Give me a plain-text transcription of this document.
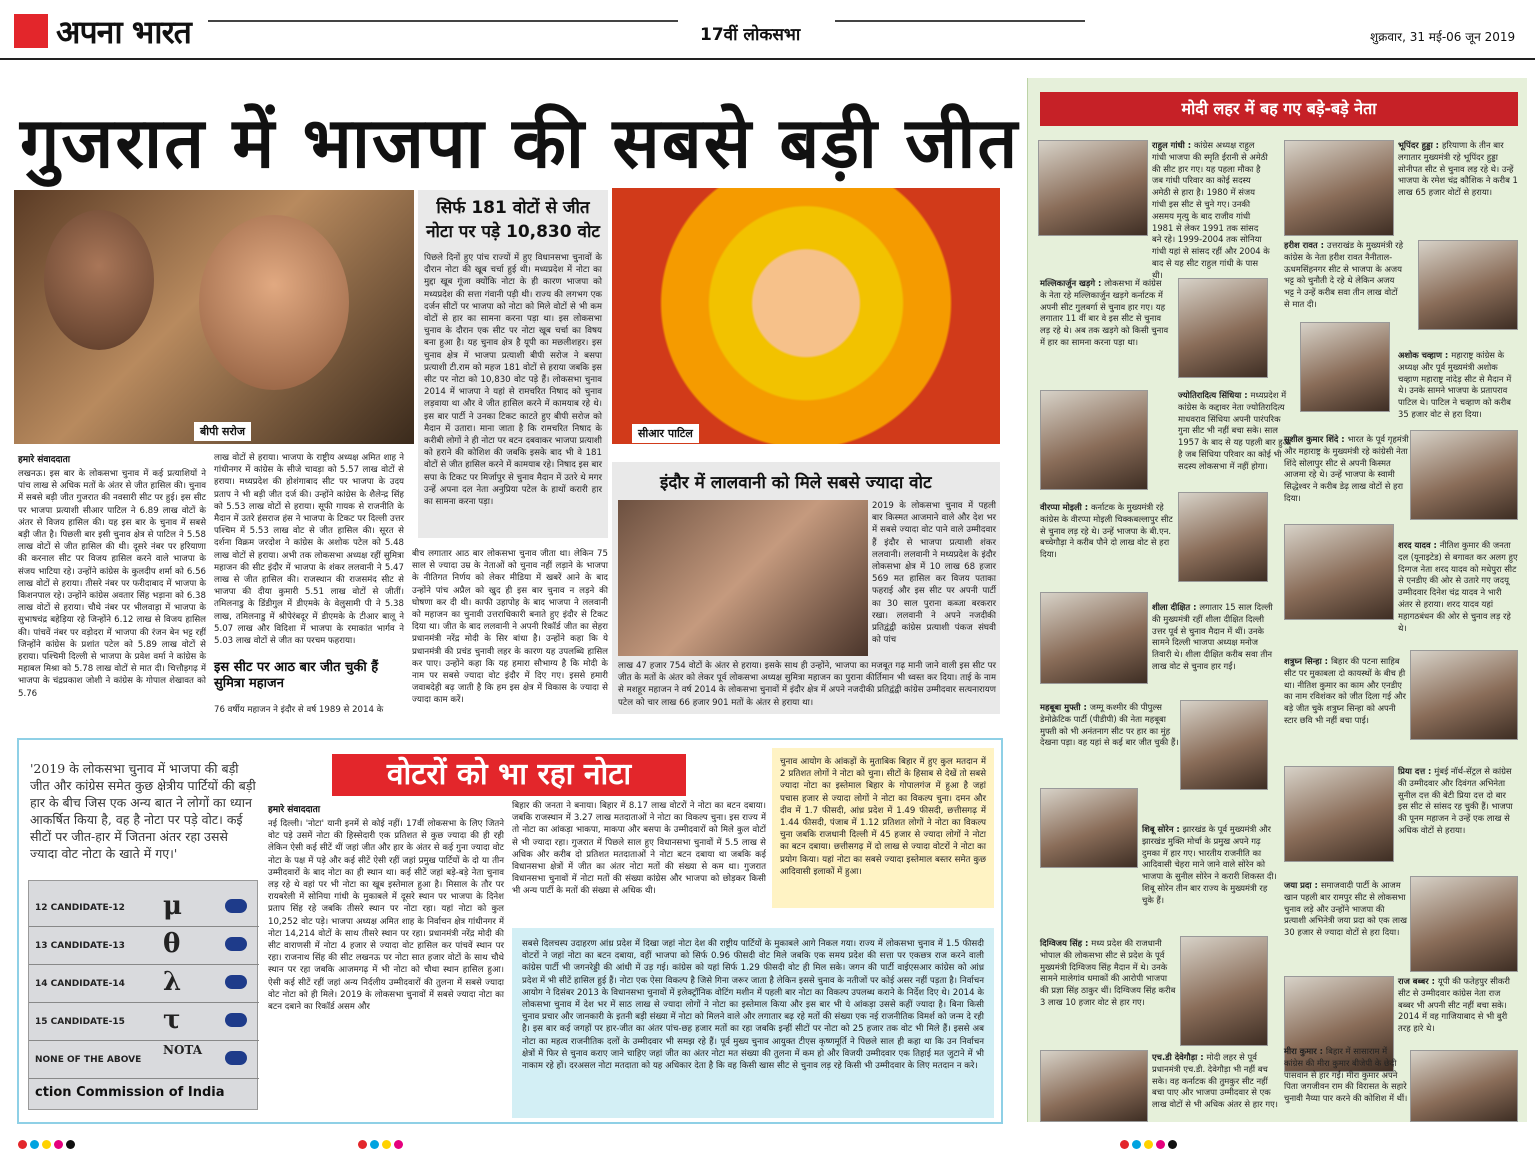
अपना भारत	17वीं लोकसभा	शुक्रवार, 31 मई-06 जून 2019
गुजरात में भाजपा की सबसे बड़ी जीत
बीपी सरोज
सिर्फ 181 वोटों से जीत
नोटा पर पड़े 10,830 वोट
पिछले दिनों हुए पांच राज्यों में हुए विधानसभा चुनावों के दौरान नोटा की खूब चर्चा हुई थी। मध्यप्रदेश में नोटा का मुद्दा खूब गूंजा क्योंकि नोटा के ही कारण भाजपा को मध्यप्रदेश की सत्ता गंवानी पड़ी थी। राज्य की लगभग एक दर्जन सीटों पर भाजपा को नोटा को मिले वोटों से भी कम वोटों से हार का सामना करना पड़ा था। इस लोकसभा चुनाव के दौरान एक सीट पर नोटा खूब चर्चा का विषय बना हुआ है। यह चुनाव क्षेत्र है यूपी का मछलीशहर। इस चुनाव क्षेत्र में भाजपा प्रत्याशी बीपी सरोज ने बसपा प्रत्याशी टी.राम को महज 181 वोटों से हराया जबकि इस सीट पर नोटा को 10,830 वोट पड़े हैं। लोकसभा चुनाव 2014 में भाजपा ने यहां से रामचरित निषाद को चुनाव लड़वाया था और वे जीत हासिल करने में कामयाब रहे थे। इस बार पार्टी ने उनका टिकट काटते हुए बीपी सरोज को मैदान में उतारा। माना जाता है कि रामचरित निषाद के करीबी लोगों ने ही नोटा पर बटन दबवाकर भाजपा प्रत्याशी को हराने की कोशिश की जबकि इसके बाद भी वे 181 वोटों से जीत हासिल करने में कामयाब रहे। निषाद इस बार सपा के टिकट पर मिर्जापुर से चुनाव मैदान में उतरे थे मगर उन्हें अपना दल नेता अनुप्रिया पटेल के हाथों करारी हार का सामना करना पड़ा।
सीआर पाटिल
हमारे संवाददाता
लखनऊ। इस बार के लोकसभा चुनाव में कई प्रत्याशियों ने पांच लाख से अधिक मतों के अंतर से जीत हासिल की। चुनाव में सबसे बड़ी जीत गुजरात की नवसारी सीट पर हुई। इस सीट पर भाजपा प्रत्याशी सीआर पाटिल ने 6.89 लाख वोटों के अंतर से विजय हासिल की। यह इस बार के चुनाव में सबसे बड़ी जीत है। पिछली बार इसी चुनाव क्षेत्र से पाटिल ने 5.58 लाख वोटों से जीत हासिल की थी। दूसरे नंबर पर हरियाणा की करनाल सीट पर विजय हासिल करने वाले भाजपा के संजय भाटिया रहे। उन्होंने कांग्रेस के कुलदीप शर्मा को 6.56 लाख वोटों से हराया। तीसरे नंबर पर फरीदाबाद में भाजपा के किशनपाल रहे। उन्होंने कांग्रेस अवतार सिंह भड़ाना को 6.38 लाख वोटों से हराया। चौथे नंबर पर भीलवाड़ा में भाजपा के सुभाषचंद्र बहेड़िया रहे जिन्होंने 6.12 लाख से विजय हासिल की। पांचवें नंबर पर वड़ोदरा में भाजपा की रंजन बेन भट्ट रहीं जिन्होंने कांग्रेस के प्रशांत पटेल को 5.89 लाख वोटों से हराया। पश्चिमी दिल्ली से भाजपा के प्रवेश वर्मा ने कांग्रेस के महाबल मिश्रा को 5.78 लाख वोटों से मात दी। चित्तौड़गढ़ में भाजपा के चंद्रप्रकाश जोशी ने कांग्रेस के गोपाल शेखावत को 5.76
लाख वोटों से हराया। भाजपा के राष्ट्रीय अध्यक्ष अमित शाह ने गांधीनगर में कांग्रेस के सीजे चावड़ा को 5.57 लाख वोटों से हराया। मध्यप्रदेश की होशंगाबाद सीट पर भाजपा के उदय प्रताप ने भी बड़ी जीत दर्ज की। उन्होंने कांग्रेस के शैलेन्द्र सिंह को 5.53 लाख वोटों से हराया। सूफी गायक से राजनीति के मैदान में उतरे हंसराज हंस ने भाजपा के टिकट पर दिल्ली उत्तर पश्चिम में 5.53 लाख वोट से जीत हासिल की। सूरत से दर्शना विक्रम जरदोश ने कांग्रेस के अशोक पटेल को 5.48 लाख वोटों से हराया। अभी तक लोकसभा अध्यक्ष रहीं सुमित्रा महाजन की सीट इंदौर में भाजपा के शंकर ललवानी ने 5.47 लाख से जीत हासिल की। राजस्थान की राजसमंद सीट से भाजपा की दीया कुमारी 5.51 लाख वोटों से जीतीं। तमिलनाडु के डिंडीगुल में डीएमके के वेलुसामी पी ने 5.38 लाख, तमिलनाडु में श्रीपेरंबदूर में डीएमके के टीआर बालू ने 5.07 लाख और विदिशा में भाजपा के रमाकांत भार्गव ने 5.03 लाख वोटों से जीत का परचम फहराया।
इस सीट पर आठ बार जीत चुकी हैं सुमित्रा महाजन
76 वर्षीय महाजन ने इंदौर से वर्ष 1989 से 2014 के
बीच लगातार आठ बार लोकसभा चुनाव जीता था। लेकिन 75 साल से ज्यादा उम्र के नेताओं को चुनाव नहीं लड़ाने के भाजपा के नीतिगत निर्णय को लेकर मीडिया में खबरें आने के बाद उन्होंने पांच अप्रैल को खुद ही इस बार चुनाव न लड़ने की घोषणा कर दी थी। काफी उहापोह के बाद भाजपा ने ललवानी को महाजन का चुनावी उत्तराधिकारी बनाते हुए इंदौर से टिकट दिया था। जीत के बाद ललवानी ने अपनी रिकॉर्ड जीत का सेहरा प्रधानमंत्री नरेंद्र मोदी के सिर बांधा है। उन्होंने कहा कि ये प्रधानमंत्री की प्रचंड चुनावी लहर के कारण यह उपलब्धि हासिल कर पाए। उन्होंने कहा कि यह हमारा सौभाग्य है कि मोदी के नाम पर सबसे ज्यादा वोट इंदौर में दिए गए। इससे हमारी जवाबदेही बढ़ जाती है कि हम इस क्षेत्र में विकास के ज्यादा से ज्यादा काम करें।
इंदौर में लालवानी को मिले सबसे ज्यादा वोट
2019 के लोकसभा चुनाव में पहली बार किस्मत आजमाने वाले और देश भर में सबसे ज्यादा वोट पाने वाले उम्मीदवार हैं इंदौर से भाजपा प्रत्याशी शंकर ललवानी। ललवानी ने मध्यप्रदेश के इंदौर लोकसभा क्षेत्र में 10 लाख 68 हजार 569 मत हासिल कर विजय पताका फहराई और इस सीट पर अपनी पार्टी का 30 साल पुराना कब्जा बरकरार रखा। ललवानी ने अपने नजदीकी प्रतिद्वंद्वी कांग्रेस प्रत्याशी पंकज संघवी को पांच
लाख 47 हजार 754 वोटों के अंतर से हराया। इसके साथ ही उन्होंने, भाजपा का मजबूत गढ़ मानी जाने वाली इस सीट पर जीत के मतों के अंतर को लेकर पूर्व लोकसभा अध्यक्ष सुमित्रा महाजन का पुराना कीर्तिमान भी ध्वस्त कर दिया। ताई के नाम से मशहूर महाजन ने वर्ष 2014 के लोकसभा चुनावों में इंदौर क्षेत्र में अपने नजदीकी प्रतिद्वंद्वी कांग्रेस उम्मीदवार सत्यनारायण पटेल को चार लाख 66 हजार 901 मतों के अंतर से हराया था।
मोदी लहर में बह गए बड़े-बड़े नेता
राहुल गांधी : कांग्रेस अध्यक्ष राहुल गांधी भाजपा की स्मृति ईरानी से अमेठी की सीट हार गए। यह पहला मौका है जब गांधी परिवार का कोई सदस्य अमेठी से हारा है। 1980 में संजय गांधी इस सीट से चुने गए। उनकी असमय मृत्यु के बाद राजीव गांधी 1981 से लेकर 1991 तक सांसद बने रहे। 1999-2004 तक सोनिया गांधी यहां से सांसद रहीं और 2004 के बाद से यह सीट राहुल गांधी के पास थी।
भूपिंदर हुड्डा : हरियाणा के तीन बार लगातार मुख्यमंत्री रहे भूपिंदर हुड्डा सोनीपत सीट से चुनाव लड़ रहे थे। उन्हें भाजपा के रमेश चंद्र कौशिक ने करीब 1 लाख 65 हजार वोटों से हराया।
हरीश रावत : उत्तराखंड के मुख्यमंत्री रहे कांग्रेस के नेता हरीश रावत नैनीताल-ऊधमसिंहनगर सीट से भाजपा के अजय भट्ट को चुनौती दे रहे थे लेकिन अजय भट्ट ने उन्हें करीब सवा तीन लाख वोटों से मात दी।
मल्लिकार्जुन खड़गे : लोकसभा में कांग्रेस के नेता रहे मल्लिकार्जुन खड़गे कर्नाटक में अपनी सीट गुलबर्गा से चुनाव हार गए। यह लगातार 11 वीं बार वे इस सीट से चुनाव लड़ रहे थे। अब तक खड़गे को किसी चुनाव में हार का सामना करना पड़ा था।
अशोक चव्हाण : महाराष्ट्र कांग्रेस के अध्यक्ष और पूर्व मुख्यमंत्री अशोक चव्हाण महाराष्ट्र नांदेड़ सीट से मैदान में थे। उनके सामने भाजपा के प्रतापराव पाटिल थे। पाटिल ने चव्हाण को करीब 35 हजार वोट से हरा दिया।
ज्योतिरादित्य सिंधिया : मध्यप्रदेश में कांग्रेस के कद्दावर नेता ज्योतिरादित्य माधवराव सिंधिया अपनी पारंपरिक गुना सीट भी नहीं बचा सके। साल 1957 के बाद से यह पहली बार हुआ है जब सिंधिया परिवार का कोई भी सदस्य लोकसभा में नहीं होगा।
सुशील कुमार शिंदे : भारत के पूर्व गृहमंत्री और महाराष्ट्र के मुख्यमंत्री रहे कांग्रेसी नेता शिंदे सोलापुर सीट से अपनी किस्मत आजमा रहे थे। उन्हें भाजपा के स्वामी सिद्धेश्वर ने करीब डेढ़ लाख वोटों से हरा दिया।
वीरप्पा मोइली : कर्नाटक के मुख्यमंत्री रहे कांग्रेस के वीरप्पा मोइली चिक्कबल्लापुर सीट से चुनाव लड़ रहे थे। उन्हें भाजपा के बी.एन. बच्चेगौड़ा ने करीब पौने दो लाख वोट से हरा दिया।
शरद यादव : नीतिश कुमार की जनता दल (यूनाइटेड) से बगावत कर अलग हुए दिग्गज नेता शरद यादव को मधेपुरा सीट से एनडीए की ओर से उतारे गए जदयू उम्मीदवार दिनेश चंद्र यादव ने भारी अंतर से हराया। शरद यादव यहां महागठबंधन की ओर से चुनाव लड़ रहे थे।
शीला दीक्षित : लगातार 15 साल दिल्ली की मुख्यमंत्री रहीं शीला दीक्षित दिल्ली उत्तर पूर्व से चुनाव मैदान में थीं। उनके सामने दिल्ली भाजपा अध्यक्ष मनोज तिवारी थे। शीला दीक्षित करीब सवा तीन लाख वोट से चुनाव हार गईं।	शत्रुघ्न सिन्हा : बिहार की पटना साहिब सीट पर मुकाबला दो कायस्थों के बीच ही था। नीतिश कुमार का काम और एनडीए का नाम रविशंकर को जीत दिला गई और बड़े जीत चुके शत्रुघ्न सिन्हा को अपनी स्टार छवि भी नहीं बचा पाई।
महबूबा मुफ्ती : जम्मू कश्मीर की पीपुल्स डेमोक्रेटिक पार्टी (पीडीपी) की नेता महबूबा मुफ्ती को भी अनंतनाग सीट पर हार का मुंह देखना पड़ा। वह यहां से कई बार जीत चुकी हैं।
प्रिया दत्त : मुंबई नॉर्थ-सेंट्रल से कांग्रेस की उम्मीदवार और दिवंगत अभिनेता सुनील दत्त की बेटी प्रिया दत्त दो बार इस सीट से सांसद रह चुकी हैं। भाजपा की पूनम महाजन ने उन्हें एक लाख से अधिक वोटों से हराया।
शिबू सोरेन : झारखंड के पूर्व मुख्यमंत्री और झारखंड मुक्ति मोर्चा के प्रमुख अपने गढ़ दुमका में हार गए। भारतीय राजनीति का आदिवासी चेहरा माने जाने वाले सोरेन को भाजपा के सुनील सोरेन ने करारी शिकस्त दी। शिबू सोरेन तीन बार राज्य के मुख्यमंत्री रह चुके हैं।
जया प्रदा : समाजवादी पार्टी के आजम खान पहली बार रामपुर सीट से लोकसभा चुनाव लड़े और उन्होंने भाजपा की प्रत्याशी अभिनेत्री जया प्रदा को एक लाख 30 हजार से ज्यादा वोटों से हरा दिया।
दिग्विजय सिंह : मध्य प्रदेश की राजधानी भोपाल की लोकसभा सीट से प्रदेश के पूर्व मुख्यमंत्री दिग्विजय सिंह मैदान में थे। उनके सामने मालेगांव धमाकों की आरोपी भाजपा की प्रज्ञा सिंह ठाकुर थीं। दिग्विजय सिंह करीब 3 लाख 10 हजार वोट से हार गए।
राज बब्बर : यूपी की फतेहपुर सीकरी सीट से उम्मीदवार कांग्रेस नेता राज बब्बर भी अपनी सीट नहीं बचा सके। 2014 में वह गाजियाबाद से भी बुरी तरह हारे थे।
एच.डी देवेगौड़ा : मोदी लहर से पूर्व प्रधानमंत्री एच.डी. देवेगौड़ा भी नहीं बच सके। वह कर्नाटक की तुमकुर सीट नहीं बचा पाए और भाजपा उम्मीदवार से एक लाख वोटों से भी अधिक अंतर से हार गए।
मीरा कुमार : बिहार में सासाराम में कांग्रेस की मीरा कुमार बीजेपी के छेदी पासवान से हार गईं। मीरा कुमार अपने पिता जगजीवन राम की विरासत के सहारे चुनावी नैय्या पार करने की कोशिश में थीं।
वोटरों को भा रहा नोटा
'2019 के लोकसभा चुनाव में भाजपा की बड़ी जीत और कांग्रेस समेत कुछ क्षेत्रीय पार्टियों की बड़ी हार के बीच जिस एक अन्य बात ने लोगों का ध्यान आकर्षित किया है, वह है नोटा पर पड़े वोट। कई सीटों पर जीत-हार में जितना अंतर रहा उससे ज्यादा वोट नोटा के खाते में गए।'
12 CANDIDATE-12 μ
13 CANDIDATE-13 θ
14 CANDIDATE-14 λ
15 CANDIDATE-15 τ
NONE OF THE ABOVE
NOTA
ction Commission of India
हमारे संवाददाता
नई दिल्ली। 'नोटा' यानी इनमें से कोई नहीं। 17वीं लोकसभा के लिए जितने वोट पड़े उसमें नोटा की हिस्सेदारी एक प्रतिशत से कुछ ज्यादा की ही रही लेकिन ऐसी कई सीटें थीं जहां जीत और हार के अंतर से कई गुना ज्यादा वोट नोटा के पक्ष में पड़े और कई सीटें ऐसी रहीं जहां प्रमुख पार्टियों के दो या तीन उम्मीदवारों के बाद नोटा का ही स्थान था। कई सीटें जहां बड़े-बड़े नेता चुनाव लड़ रहे थे वहां पर भी नोटा का खूब इस्तेमाल हुआ है। मिसाल के तौर पर रायबरेली में सोनिया गांधी के मुकाबले में दूसरे स्थान पर भाजपा के दिनेश प्रताप सिंह रहे जबकि तीसरे स्थान पर नोटा रहा। यहां नोटा को कुल 10,252 वोट पड़े। भाजपा अध्यक्ष अमित शाह के निर्वाचन क्षेत्र गांधीनगर में नोटा 14,214 वोटों के साथ तीसरे स्थान पर रहा। प्रधानमंत्री नरेंद्र मोदी की सीट वाराणसी में नोटा 4 हजार से ज्यादा वोट हासिल कर पांचवें स्थान पर रहा। राजनाथ सिंह की सीट लखनऊ पर नोटा सात हजार वोटों के साथ चौथे स्थान पर रहा जबकि आजमगढ़ में भी नोटा को चौथा स्थान हासिल हुआ। ऐसी कई सीटें रहीं जहां अन्य निर्दलीय उम्मीदवारों की तुलना में सबसे ज्यादा वोट नोटा को ही मिले। 2019 के लोकसभा चुनावों में सबसे ज्यादा नोटा का बटन दबाने का रिकॉर्ड असम और
बिहार की जनता ने बनाया। बिहार में 8.17 लाख वोटरों ने नोटा का बटन दबाया। जबकि राजस्थान में 3.27 लाख मतदाताओं ने नोटा का विकल्प चुना। इस राज्य में तो नोटा का आंकड़ा भाकपा, माकपा और बसपा के उम्मीदवारों को मिले कुल वोटों से भी ज्यादा रहा। गुजरात में पिछले साल हुए विधानसभा चुनावों में 5.5 लाख से अधिक और करीब दो प्रतिशत मतदाताओं ने नोटा बटन दबाया था जबकि कई विधानसभा क्षेत्रों में जीत का अंतर नोटा मतों की संख्या से कम था। गुजरात विधानसभा चुनावों में नोटा मतों की संख्या कांग्रेस और भाजपा को छोड़कर किसी भी अन्य पार्टी के मतों की संख्या से अधिक थी।
चुनाव आयोग के आंकड़ों के मुताबिक बिहार में हुए कुल मतदान में 2 प्रतिशत लोगों ने नोटा को चुना। सीटों के हिसाब से देखें तो सबसे ज्यादा नोटा का इस्तेमाल बिहार के गोपालगंज में हुआ है जहां पचास हजार से ज्यादा लोगों ने नोटा का विकल्प चुना। दमन और दीव में 1.7 फीसदी, आंध्र प्रदेश में 1.49 फीसदी, छत्तीसगढ़ में 1.44 फीसदी, पंजाब में 1.12 प्रतिशत लोगों ने नोटा का विकल्प चुना जबकि राजधानी दिल्ली में 45 हजार से ज्यादा लोगों ने नोटा का बटन दबाया। छत्तीसगढ़ में दो लाख से ज्यादा वोटरों ने नोटा का प्रयोग किया। यहां नोटा का सबसे ज्यादा इस्तेमाल बस्तर समेत कुछ आदिवासी इलाकों में हुआ।
सबसे दिलचस्प उदाहरण आंध्र प्रदेश में दिखा जहां नोटा देश की राष्ट्रीय पार्टियों के मुकाबले आगे निकल गया। राज्य में लोकसभा चुनाव में 1.5 फीसदी वोटरों ने जहां नोटा का बटन दबाया, वहीं भाजपा को सिर्फ 0.96 फीसदी वोट मिले जबकि एक समय प्रदेश की सत्ता पर एकछत्र राज करने वाली कांग्रेस पार्टी भी जगनरेड्डी की आंधी में उड़ गई। कांग्रेस को यहां सिर्फ 1.29 फीसदी वोट ही मिल सके। जगन की पार्टी वाईएसआर कांग्रेस को आंध्र प्रदेश में भी सीटें हासिल हुई हैं। नोटा एक ऐसा विकल्प है जिसे गिना जरूर जाता है लेकिन इससे चुनाव के नतीजों पर कोई असर नहीं पड़ता है। निर्वाचन आयोग ने दिसंबर 2013 के विधानसभा चुनावों में इलेक्ट्रॉनिक वोटिंग मशीन में पहली बार नोटा का विकल्प उपलब्ध कराने के निर्देश दिए थे। 2014 के लोकसभा चुनाव में देश भर में साठ लाख से ज्यादा लोगों ने नोटा का इस्तेमाल किया और इस बार भी ये आंकड़ा उससे कहीं ज्यादा है। बिना किसी चुनाव प्रचार और जानकारी के इतनी बड़ी संख्या में नोटा को मिलने वाले और लगातार बढ़ रहे मतों की संख्या एक नई राजनीतिक विमर्श को जन्म दे रही है। इस बार कई जगहों पर हार-जीत का अंतर पांच-छह हजार मतों का रहा जबकि इन्हीं सीटों पर नोटा को 25 हजार तक वोट भी मिले हैं। इससे अब नोटा का महत्व राजनीतिक दलों के उम्मीदवार भी समझ रहे हैं। पूर्व मुख्य चुनाव आयुक्त टीएस कृष्णमूर्ति ने पिछले साल ही कहा था कि उन निर्वाचन क्षेत्रों में फिर से चुनाव कराए जाने चाहिए जहां जीत का अंतर नोटा मत संख्या की तुलना में कम हो और विजयी उम्मीदवार एक तिहाई मत जुटाने में भी नाकाम रहे हों। दरअसल नोटा मतदाता को यह अधिकार देता है कि वह किसी खास सीट से चुनाव लड़ रहे किसी भी उम्मीदवार के लिए मतदान न करे।
